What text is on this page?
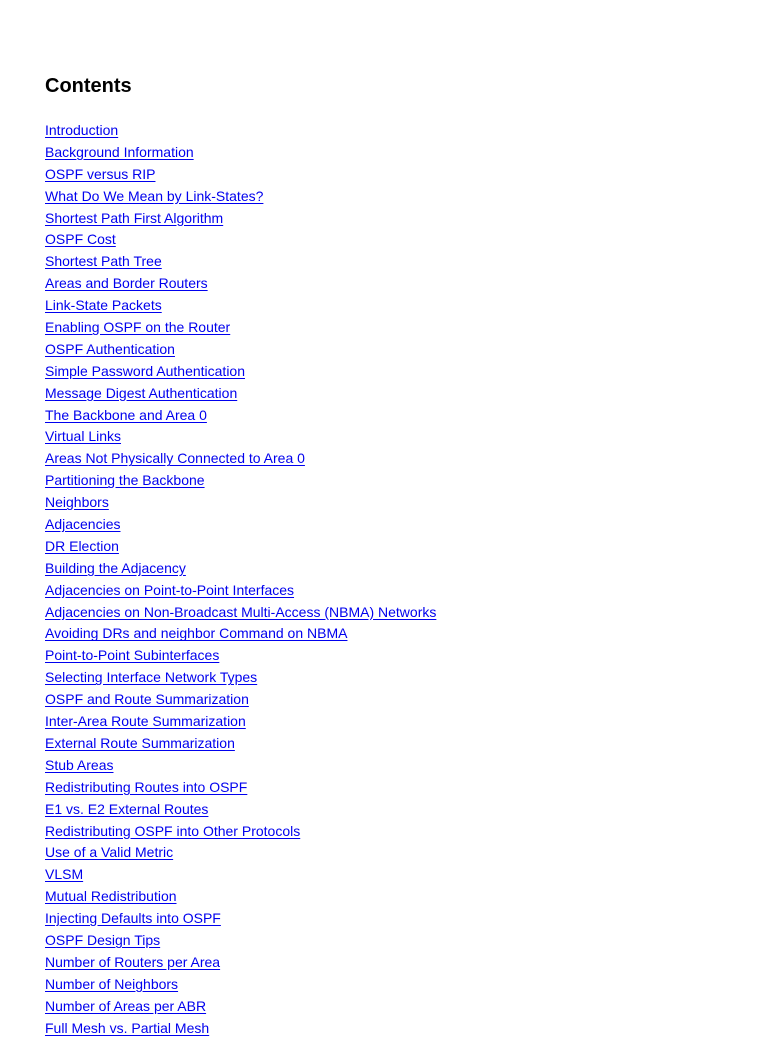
Contents
Introduction
Background Information
OSPF versus RIP
What Do We Mean by Link-States?
Shortest Path First Algorithm
OSPF Cost
Shortest Path Tree
Areas and Border Routers
Link-State Packets
Enabling OSPF on the Router
OSPF Authentication
Simple Password Authentication
Message Digest Authentication
The Backbone and Area 0
Virtual Links
Areas Not Physically Connected to Area 0
Partitioning the Backbone
Neighbors
Adjacencies
DR Election
Building the Adjacency
Adjacencies on Point-to-Point Interfaces
Adjacencies on Non-Broadcast Multi-Access (NBMA) Networks
Avoiding DRs and neighbor Command on NBMA
Point-to-Point Subinterfaces
Selecting Interface Network Types
OSPF and Route Summarization
Inter-Area Route Summarization
External Route Summarization
Stub Areas
Redistributing Routes into OSPF
E1 vs. E2 External Routes
Redistributing OSPF into Other Protocols
Use of a Valid Metric
VLSM
Mutual Redistribution
Injecting Defaults into OSPF
OSPF Design Tips
Number of Routers per Area
Number of Neighbors
Number of Areas per ABR
Full Mesh vs. Partial Mesh
